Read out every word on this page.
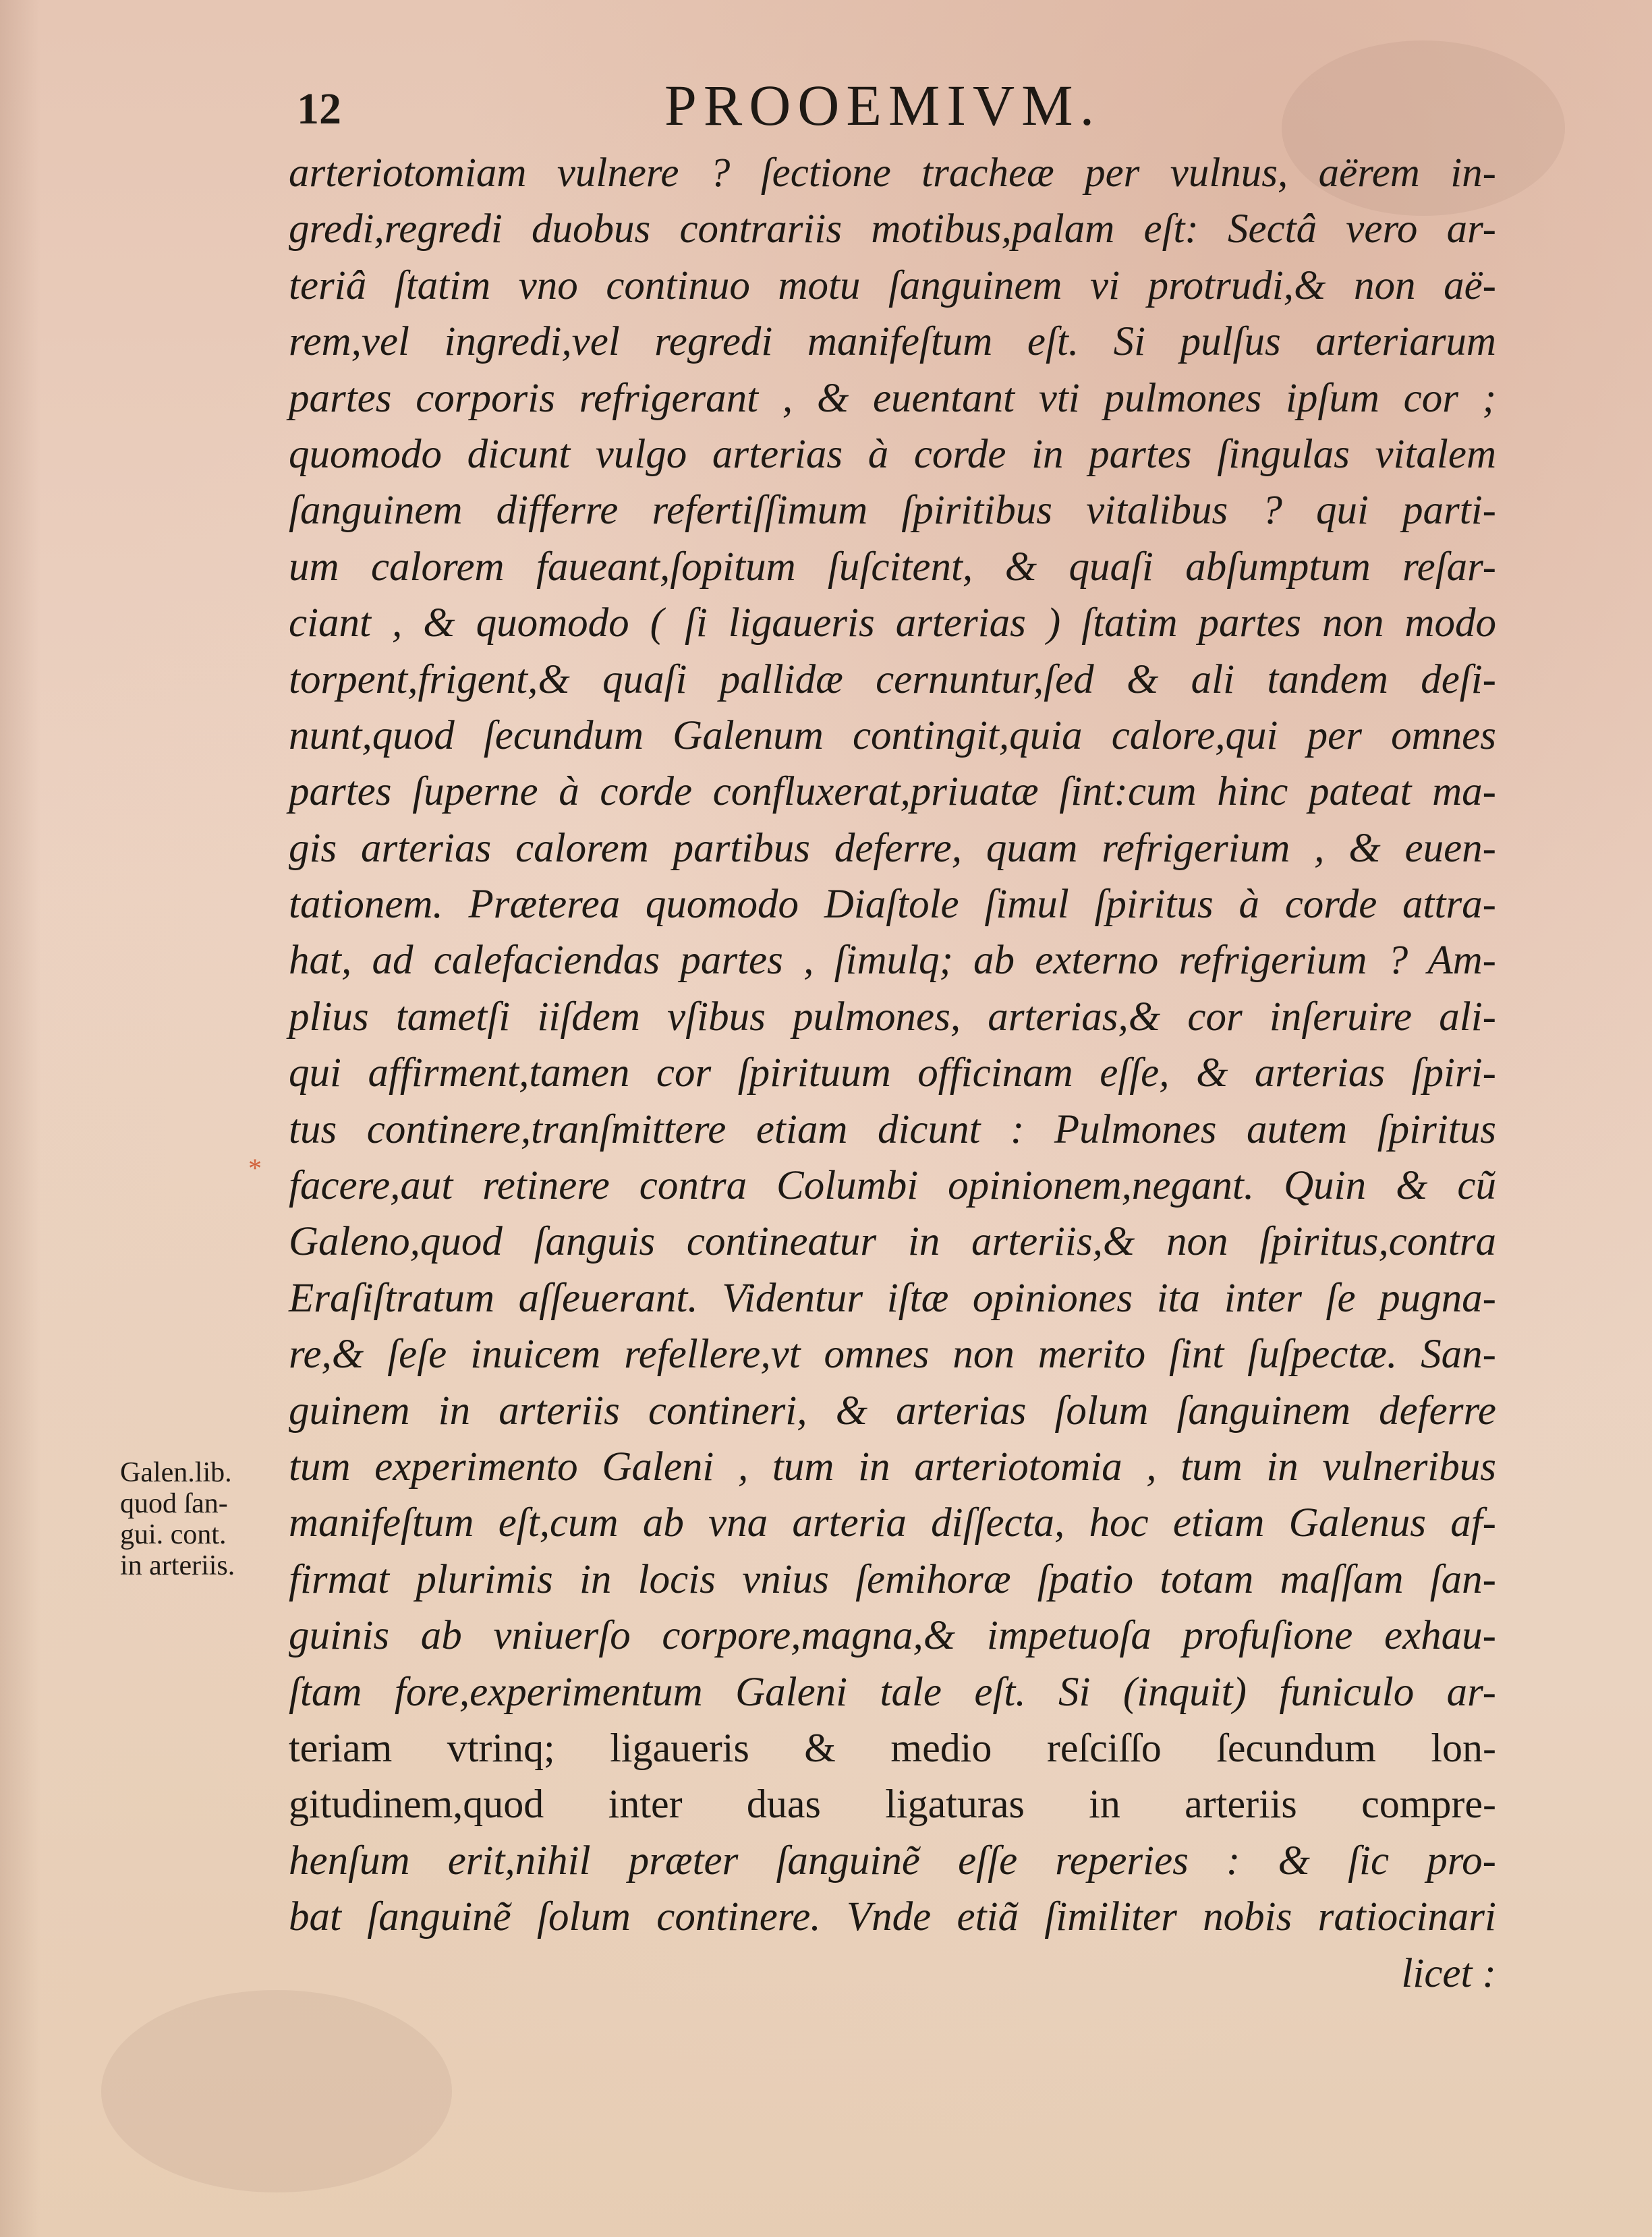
12	PROOEMIVM.
*
Galen.lib.
quod ſan-
gui. cont.
in arteriis.
arteriotomiam vulnere ? ſectione tracheæ per vulnus, aërem in-
gredi,regredi duobus contrariis motibus,palam eſt: Sectâ vero ar-
teriâ ſtatim vno continuo motu ſanguinem vi protrudi,& non aë-
rem,vel ingredi,vel regredi manifeſtum eſt. Si pulſus arteriarum
partes corporis refrigerant , & euentant vti pulmones ipſum cor ;
quomodo dicunt vulgo arterias à corde in partes ſingulas vitalem
ſanguinem differre refertiſſimum ſpiritibus vitalibus ? qui parti-
um calorem faueant,ſopitum ſuſcitent, & quaſi abſumptum reſar-
ciant , & quomodo ( ſi ligaueris arterias ) ſtatim partes non modo
torpent,frigent,& quaſi pallidæ cernuntur,ſed & ali tandem deſi-
nunt,quod ſecundum Galenum contingit,quia calore,qui per omnes
partes ſuperne à corde confluxerat,priuatæ ſint:cum hinc pateat ma-
gis arterias calorem partibus deferre, quam refrigerium , & euen-
tationem. Præterea quomodo Diaſtole ſimul ſpiritus à corde attra-
hat, ad calefaciendas partes , ſimulq; ab externo refrigerium ? Am-
plius tametſi iiſdem vſibus pulmones, arterias,& cor inſeruire ali-
qui affirment,tamen cor ſpirituum officinam eſſe, & arterias ſpiri-
tus continere,tranſmittere etiam dicunt : Pulmones autem ſpiritus
facere,aut retinere contra Columbi opinionem,negant. Quin & cũ
Galeno,quod ſanguis contineatur in arteriis,& non ſpiritus,contra
Eraſiſtratum aſſeuerant. Videntur iſtæ opiniones ita inter ſe pugna-
re,& ſeſe inuicem refellere,vt omnes non merito ſint ſuſpectæ. San-
guinem in arteriis contineri, & arterias ſolum ſanguinem deferre
tum experimento Galeni , tum in arteriotomia , tum in vulneribus
manifeſtum eſt,cum ab vna arteria diſſecta, hoc etiam Galenus af-
firmat plurimis in locis vnius ſemihoræ ſpatio totam maſſam ſan-
guinis ab vniuerſo corpore,magna,& impetuoſa profuſione exhau-
ſtam fore,experimentum Galeni tale eſt. Si (inquit) funiculo ar-
teriam vtrinq; ligaueris & medio reſciſſo ſecundum lon-
gitudinem,quod inter duas ligaturas in arteriis compre-
henſum erit,nihil præter ſanguinẽ eſſe reperies : & ſic pro-
bat ſanguinẽ ſolum continere. Vnde etiã ſimiliter nobis ratiocinari
licet :
